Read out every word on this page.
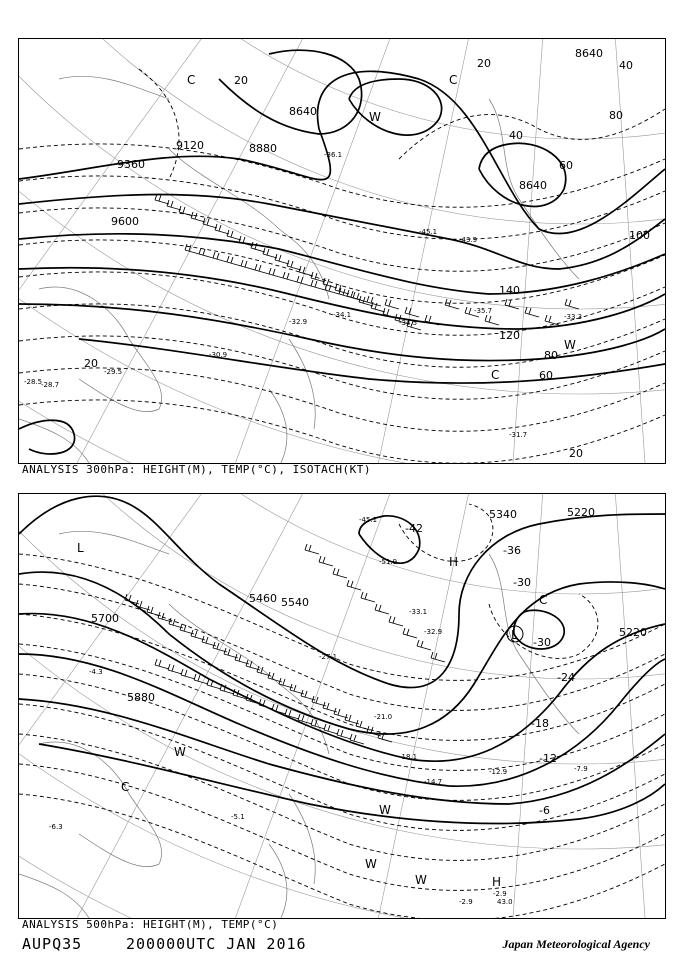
8640
8640
8640
8880
9120
9360
9600
20
20	40
40
60
80
100
120
140
20
20
60
80
C
C
W
C
W
-31.7
-35.7
-34.5
-34.1
-32.9
-30.9
-29.5
-28.5
-28.7
-33.3
-36.1
-45.1
-43.9
ANALYSIS 300hPa: HEIGHT(M), TEMP(°C), ISOTACH(KT)
5700
5880
5460 5540
5220
5220
5340
-42
-36
-30
-24
-18
-12
-6
-30
L
H
L
H
C
C
W
W
W
W
-51.9
-45.1
-33.1
-32.9
-27.1
-21.0
-18.1
-14.7
-12.9	-7.9
-5.1
-2.9
-4.3
-6.3
43.0
-2.9
ANALYSIS 500hPa: HEIGHT(M), TEMP(°C)
AUPQ35	200000UTC JAN 2016	Japan Meteorological Agency
